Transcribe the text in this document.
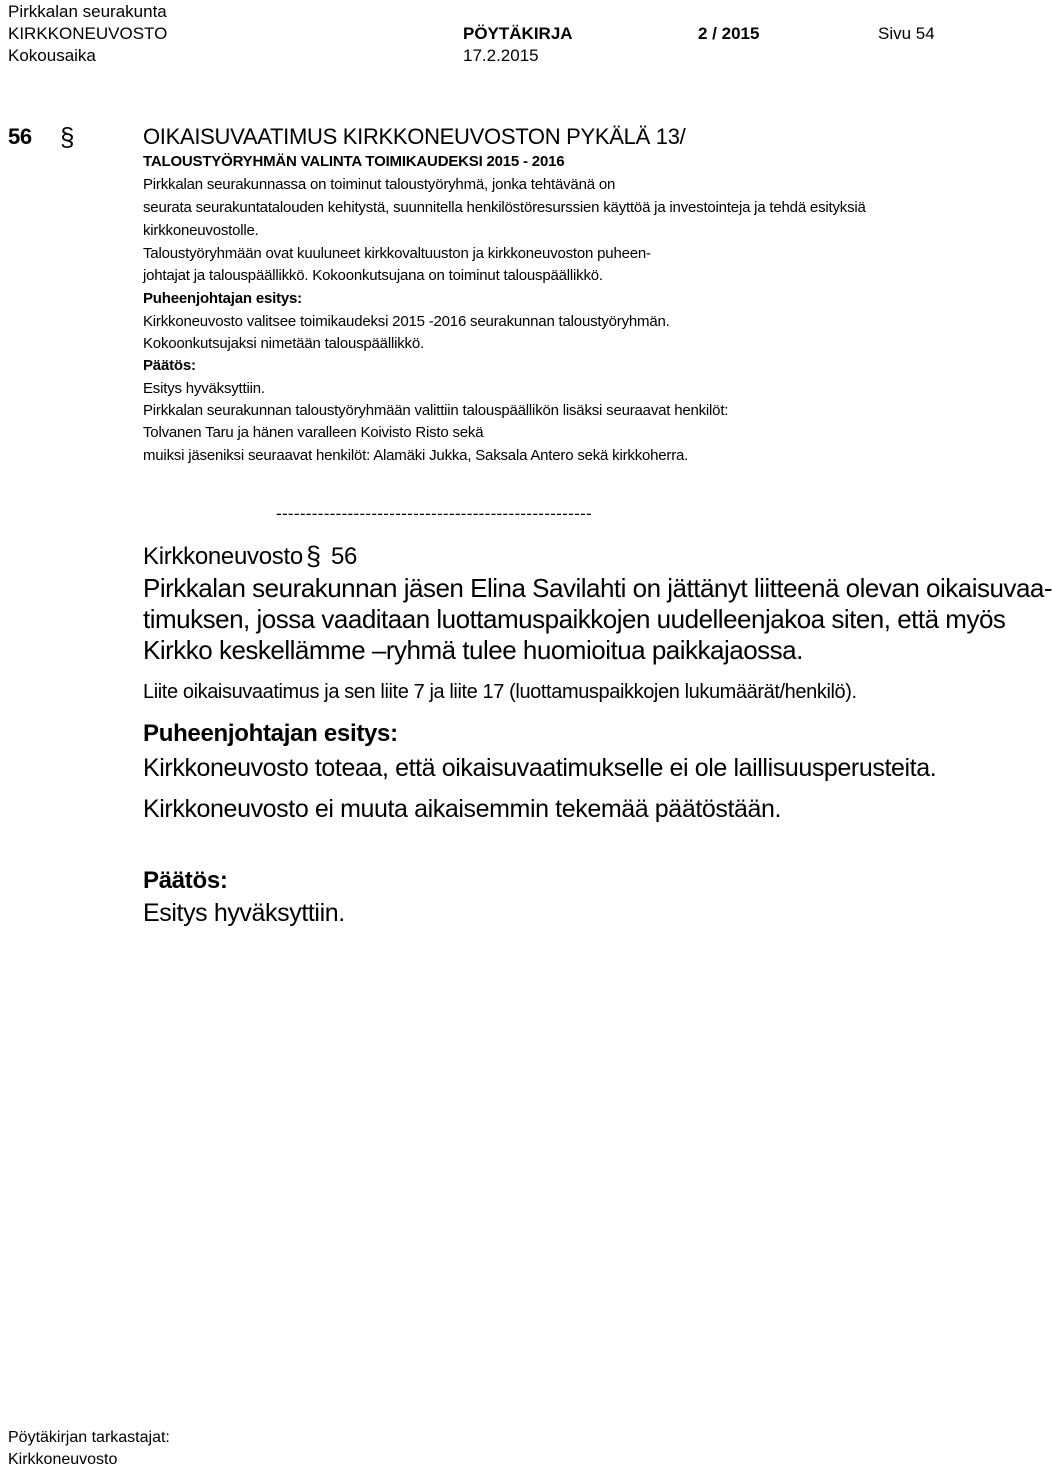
Pirkkalan seurakunta
KIRKKONEUVOSTO	PÖYTÄKIRJA	2 / 2015	Sivu 54
Kokousaika	17.2.2015
56 §	OIKAISUVAATIMUS KIRKKONEUVOSTON PYKÄLÄ 13/
TALOUSTYÖRYHMÄN VALINTA TOIMIKAUDEKSI 2015 - 2016
Pirkkalan seurakunnassa on toiminut taloustyöryhmä, jonka tehtävänä on
seurata seurakuntatalouden kehitystä, suunnitella henkilöstöresurssien käyttöä ja investointeja ja tehdä esityksiä
kirkkoneuvostolle.
Taloustyöryhmään ovat kuuluneet kirkkovaltuuston ja kirkkoneuvoston puheen-
johtajat ja talouspäällikkö. Kokoonkutsujana on toiminut talouspäällikkö.
Puheenjohtajan esitys:
Kirkkoneuvosto valitsee toimikaudeksi 2015 -2016 seurakunnan taloustyöryhmän.
Kokoonkutsujaksi nimetään talouspäällikkö.
Päätös:
Esitys hyväksyttiin.
Pirkkalan seurakunnan taloustyöryhmään valittiin talouspäällikön lisäksi seuraavat henkilöt:
Tolvanen Taru ja hänen varalleen Koivisto Risto sekä
muiksi jäseniksi seuraavat henkilöt: Alamäki Jukka, Saksala Antero sekä kirkkoherra.
-----------------------------------------------------
Kirkkoneuvosto § 56
Pirkkalan seurakunnan jäsen Elina Savilahti on jättänyt liitteenä olevan oikaisuvaa-
timuksen, jossa vaaditaan luottamuspaikkojen uudelleenjakoa siten, että myös
Kirkko keskellämme –ryhmä tulee huomioitua paikkajaossa.
Liite oikaisuvaatimus ja sen liite 7 ja liite 17 (luottamuspaikkojen lukumäärät/henkilö).
Puheenjohtajan esitys:
Kirkkoneuvosto toteaa, että oikaisuvaatimukselle ei ole laillisuusperusteita.
Kirkkoneuvosto ei muuta aikaisemmin tekemää päätöstään.
Päätös:
Esitys hyväksyttiin.
Pöytäkirjan tarkastajat:
Kirkkoneuvosto
